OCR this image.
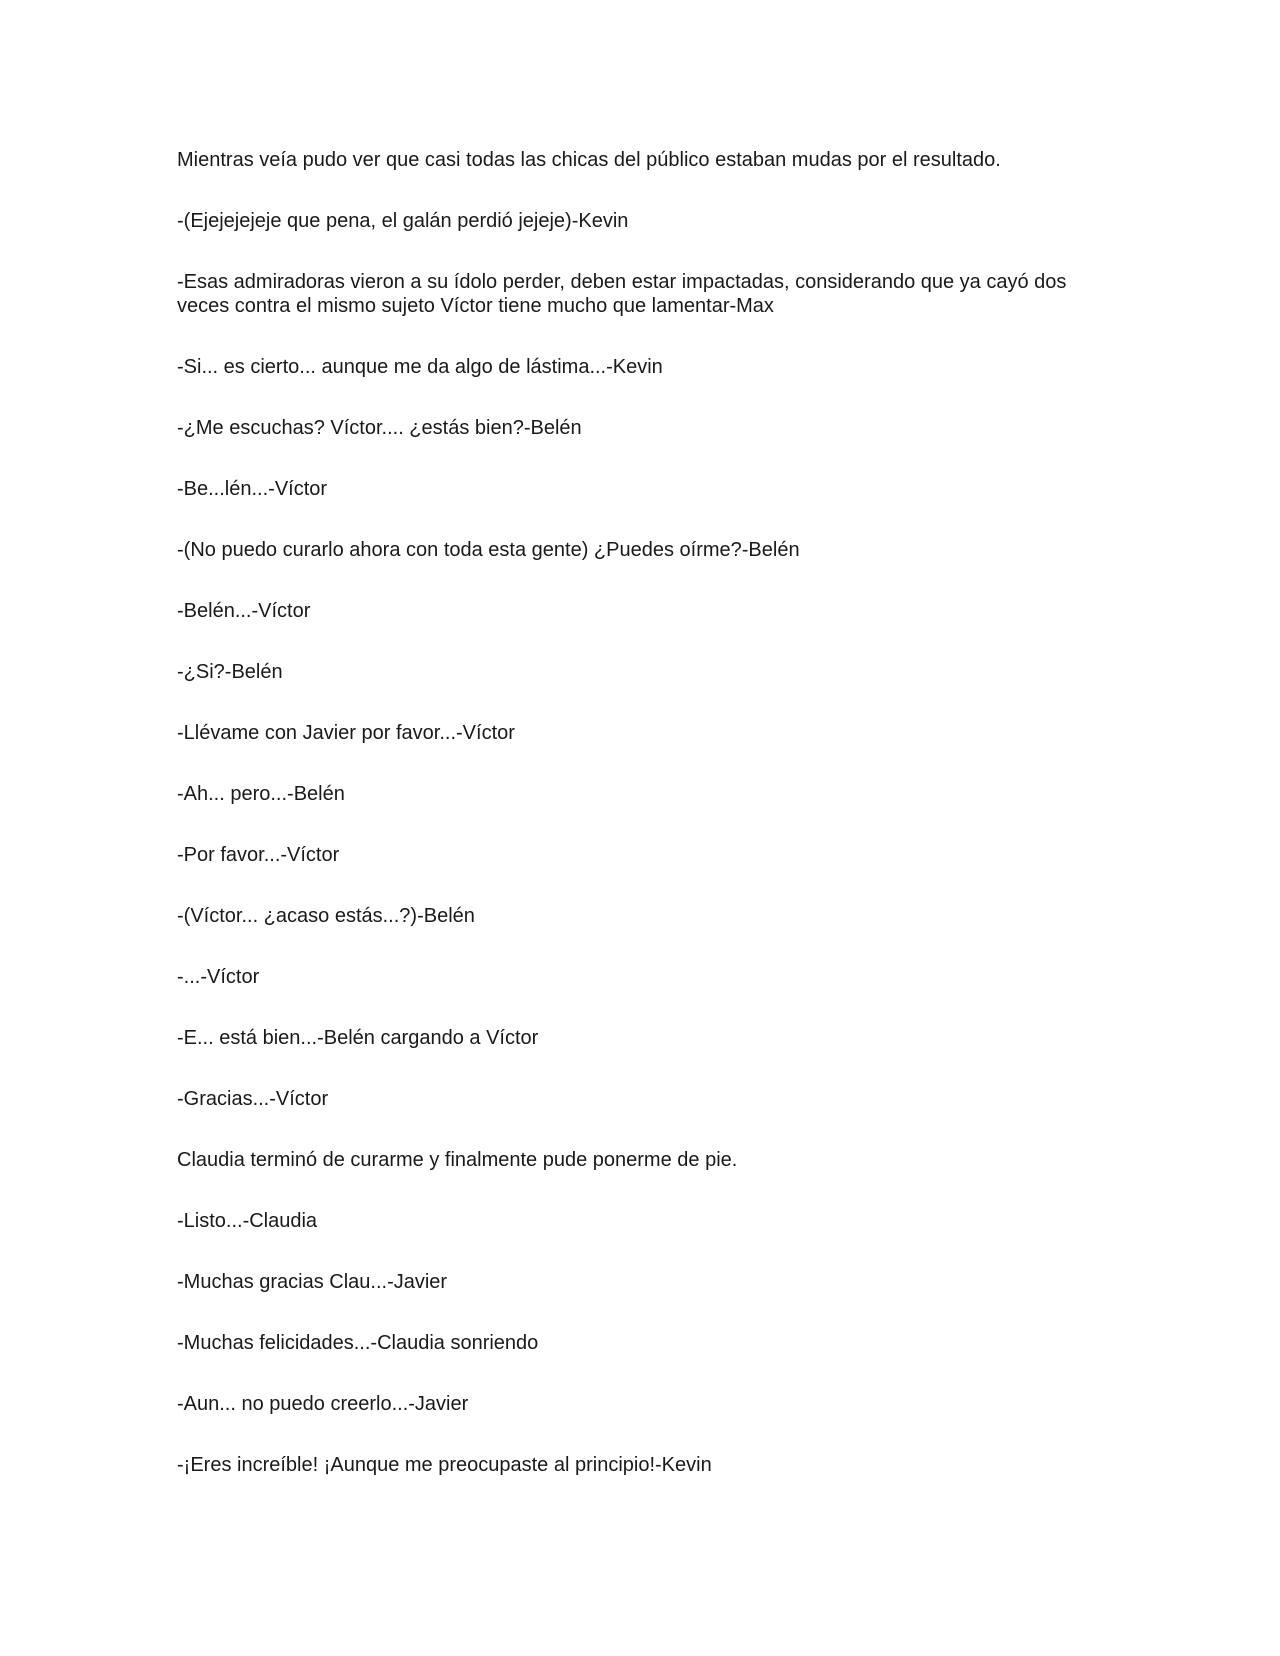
Mientras veía pudo ver que casi todas las chicas del público estaban mudas por el resultado.

-(Ejejejejeje que pena, el galán perdió jejeje)-Kevin

-Esas admiradoras vieron a su ídolo perder, deben estar impactadas, considerando que ya cayó dos veces contra el mismo sujeto Víctor tiene mucho que lamentar-Max

-Si... es cierto... aunque me da algo de lástima...-Kevin

-¿Me escuchas? Víctor.... ¿estás bien?-Belén

-Be...lén...-Víctor

-(No puedo curarlo ahora con toda esta gente) ¿Puedes oírme?-Belén

-Belén...-Víctor

-¿Si?-Belén

-Llévame con Javier por favor...-Víctor

-Ah... pero...-Belén

-Por favor...-Víctor

-(Víctor... ¿acaso estás...?)-Belén

-...-Víctor

-E... está bien...-Belén cargando a Víctor

-Gracias...-Víctor

Claudia terminó de curarme y finalmente pude ponerme de pie.

-Listo...-Claudia

-Muchas gracias Clau...-Javier

-Muchas felicidades...-Claudia sonriendo

-Aun... no puedo creerlo...-Javier

-¡Eres increíble! ¡Aunque me preocupaste al principio!-Kevin
